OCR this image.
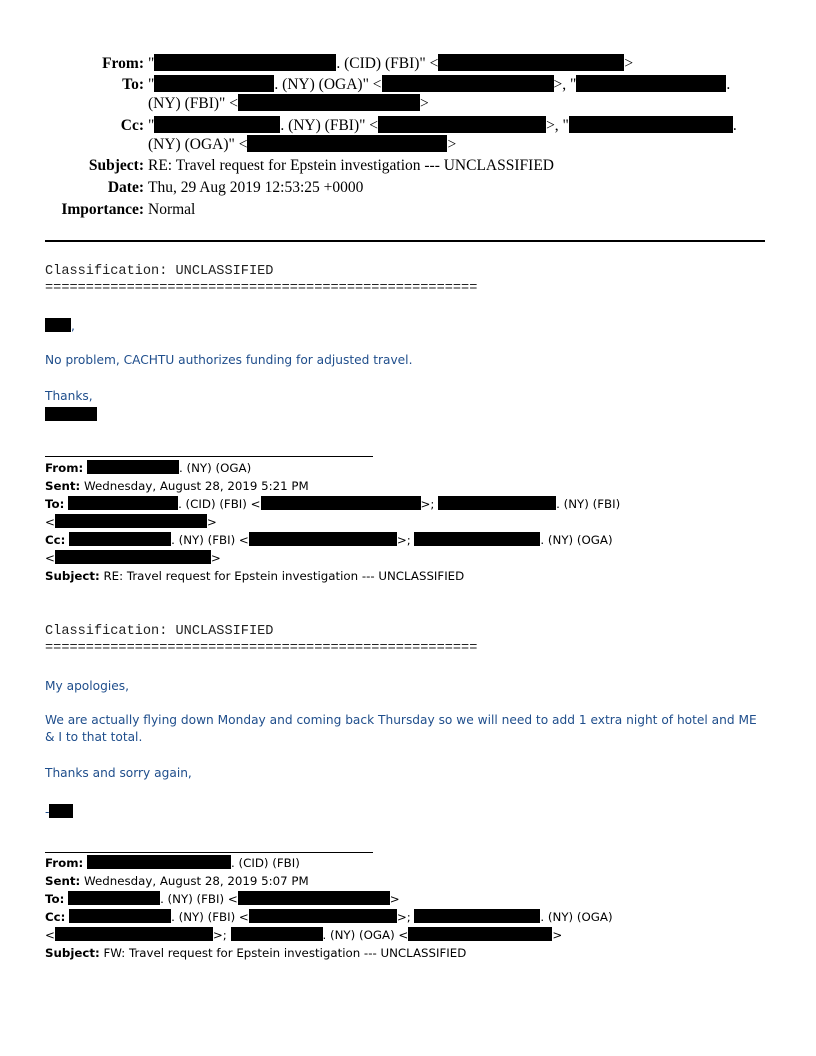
From: "	. (CID) (FBI)" <	>
To: "	. (NY) (OGA)" <	>, "	.
(NY) (FBI)" <	>
Cc: "	. (NY) (FBI)" <	>, "	.
(NY) (OGA)" <	>
Subject: RE: Travel request for Epstein investigation --- UNCLASSIFIED
Date: Thu, 29 Aug 2019 12:53:25 +0000
Importance: Normal
Classification: UNCLASSIFIED
=====================================================
,
No problem, CACHTU authorizes funding for adjusted travel.
Thanks,
From:	. (NY) (OGA)
Sent: Wednesday, August 28, 2019 5:21 PM
To:	. (CID) (FBI) <	>;	. (NY) (FBI)
<	>
Cc:	. (NY) (FBI) <	>;	. (NY) (OGA)
<	>
Subject: RE: Travel request for Epstein investigation --- UNCLASSIFIED
Classification: UNCLASSIFIED
=====================================================
My apologies,
We are actually flying down Monday and coming back Thursday so we will need to add 1 extra night of hotel and ME & I to that total.
Thanks and sorry again,
-
From:	. (CID) (FBI)
Sent: Wednesday, August 28, 2019 5:07 PM
To:	. (NY) (FBI) <	>
Cc:	. (NY) (FBI) <	>;	. (NY) (OGA)
<	>;	. (NY) (OGA) <	>
Subject: FW: Travel request for Epstein investigation --- UNCLASSIFIED
